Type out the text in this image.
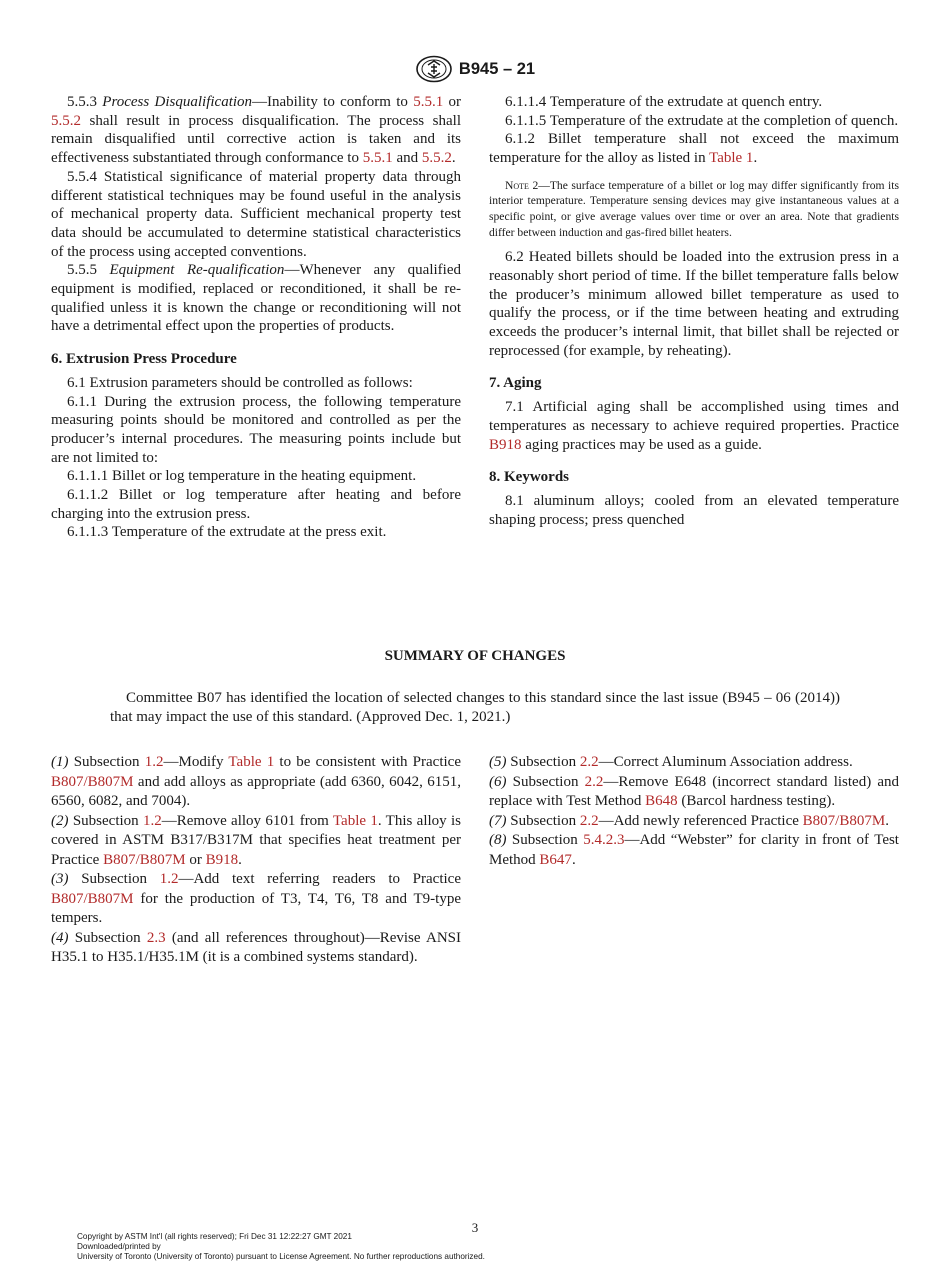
B945 – 21

5.5.3 Process Disqualification—Inability to conform to 5.5.1 or 5.5.2 shall result in process disqualification. The process shall remain disqualified until corrective action is taken and its effectiveness substantiated through conformance to 5.5.1 and 5.5.2.

5.5.4 Statistical significance of material property data through different statistical techniques may be found useful in the analysis of mechanical property data. Sufficient mechanical property test data should be accumulated to determine statistical characteristics of the process using accepted conventions.

5.5.5 Equipment Re-qualification—Whenever any qualified equipment is modified, replaced or reconditioned, it shall be re-qualified unless it is known the change or reconditioning will not have a detrimental effect upon the properties of products.

6. Extrusion Press Procedure

6.1 Extrusion parameters should be controlled as follows:

6.1.1 During the extrusion process, the following temperature measuring points should be monitored and controlled as per the producer’s internal procedures. The measuring points include but are not limited to:

6.1.1.1 Billet or log temperature in the heating equipment.

6.1.1.2 Billet or log temperature after heating and before charging into the extrusion press.

6.1.1.3 Temperature of the extrudate at the press exit.

6.1.1.4 Temperature of the extrudate at quench entry.

6.1.1.5 Temperature of the extrudate at the completion of quench.

6.1.2 Billet temperature shall not exceed the maximum temperature for the alloy as listed in Table 1.

Note 2—The surface temperature of a billet or log may differ significantly from its interior temperature. Temperature sensing devices may give instantaneous values at a specific point, or give average values over time or over an area. Note that gradients differ between induction and gas-fired billet heaters.

6.2 Heated billets should be loaded into the extrusion press in a reasonably short period of time. If the billet temperature falls below the producer’s minimum allowed billet temperature as used to qualify the process, or if the time between heating and extruding exceeds the producer’s internal limit, that billet shall be rejected or reprocessed (for example, by reheating).

7. Aging

7.1 Artificial aging shall be accomplished using times and temperatures as necessary to achieve required properties. Practice B918 aging practices may be used as a guide.

8. Keywords

8.1 aluminum alloys; cooled from an elevated temperature shaping process; press quenched

SUMMARY OF CHANGES

Committee B07 has identified the location of selected changes to this standard since the last issue (B945 – 06 (2014)) that may impact the use of this standard. (Approved Dec. 1, 2021.)

(1) Subsection 1.2—Modify Table 1 to be consistent with Practice B807/B807M and add alloys as appropriate (add 6360, 6042, 6151, 6560, 6082, and 7004).

(2) Subsection 1.2—Remove alloy 6101 from Table 1. This alloy is covered in ASTM B317/B317M that specifies heat treatment per Practice B807/B807M or B918.

(3) Subsection 1.2—Add text referring readers to Practice B807/B807M for the production of T3, T4, T6, T8 and T9-type tempers.

(4) Subsection 2.3 (and all references throughout)—Revise ANSI H35.1 to H35.1/H35.1M (it is a combined systems standard).

(5) Subsection 2.2—Correct Aluminum Association address.

(6) Subsection 2.2—Remove E648 (incorrect standard listed) and replace with Test Method B648 (Barcol hardness testing).

(7) Subsection 2.2—Add newly referenced Practice B807/B807M.

(8) Subsection 5.4.2.3—Add “Webster” for clarity in front of Test Method B647.

3
Copyright by ASTM Int'l (all rights reserved); Fri Dec 31 12:22:27 GMT 2021
Downloaded/printed by
University of Toronto (University of Toronto) pursuant to License Agreement. No further reproductions authorized.
